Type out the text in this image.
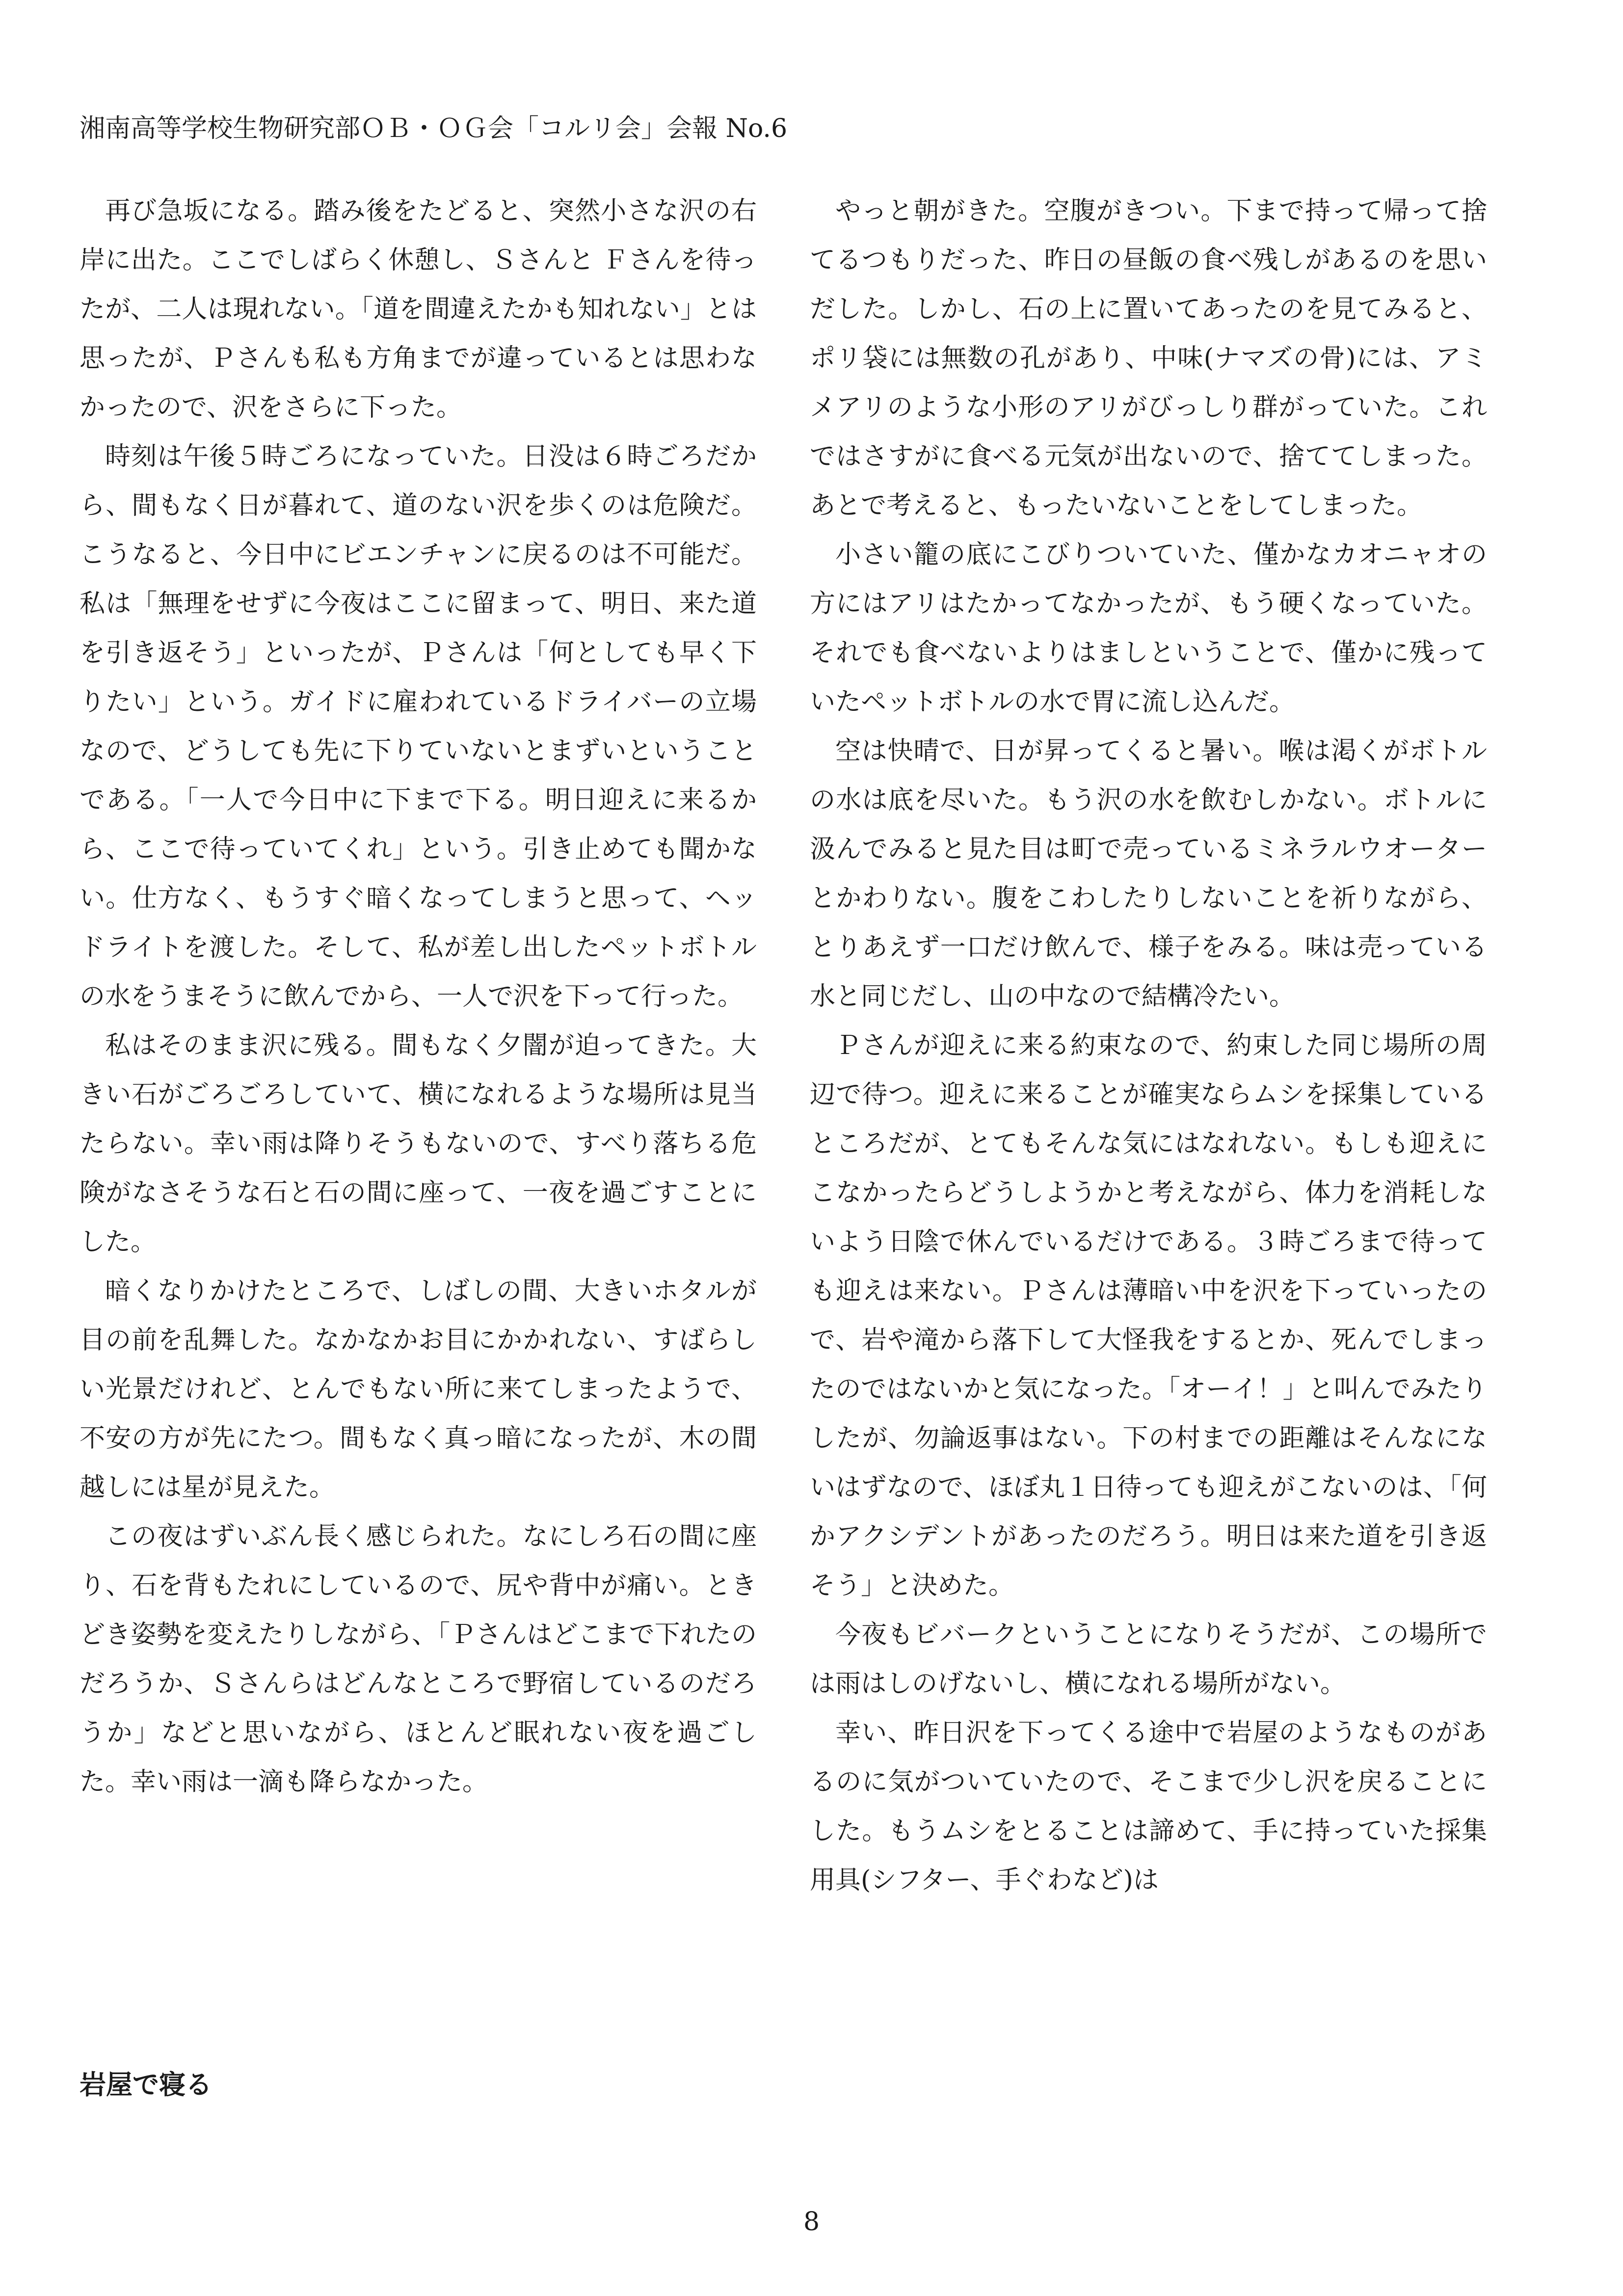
湘南高等学校生物研究部ＯＢ・ＯＧ会「コルリ会」会報 No.6

再び急坂になる。踏み後をたどると、突然小さな沢の右岸に出た。ここでしばらく休憩し、Ｓさんと Ｆさんを待ったが、二人は現れない。「道を間違えたかも知れない」とは思ったが、Ｐさんも私も方角までが違っているとは思わなかったので、沢をさらに下った。

時刻は午後５時ごろになっていた。日没は６時ごろだから、間もなく日が暮れて、道のない沢を歩くのは危険だ。こうなると、今日中にビエンチャンに戻るのは不可能だ。私は「無理をせずに今夜はここに留まって、明日、来た道を引き返そう」といったが、Ｐさんは「何としても早く下りたい」という。ガイドに雇われているドライバーの立場なので、どうしても先に下りていないとまずいということである。「一人で今日中に下まで下る。明日迎えに来るから、ここで待っていてくれ」という。引き止めても聞かない。仕方なく、もうすぐ暗くなってしまうと思って、ヘッドライトを渡した。そして、私が差し出したペットボトルの水をうまそうに飲んでから、一人で沢を下って行った。

私はそのまま沢に残る。間もなく夕闇が迫ってきた。大きい石がごろごろしていて、横になれるような場所は見当たらない。幸い雨は降りそうもないので、すべり落ちる危険がなさそうな石と石の間に座って、一夜を過ごすことにした。

暗くなりかけたところで、しばしの間、大きいホタルが目の前を乱舞した。なかなかお目にかかれない、すばらしい光景だけれど、とんでもない所に来てしまったようで、不安の方が先にたつ。間もなく真っ暗になったが、木の間越しには星が見えた。

この夜はずいぶん長く感じられた。なにしろ石の間に座り、石を背もたれにしているので、尻や背中が痛い。ときどき姿勢を変えたりしながら、「Ｐさんはどこまで下れたのだろうか、Ｓさんらはどんなところで野宿しているのだろうか」などと思いながら、ほとんど眠れない夜を過ごした。幸い雨は一滴も降らなかった。

岩屋で寝る

やっと朝がきた。空腹がきつい。下まで持って帰って捨てるつもりだった、昨日の昼飯の食べ残しがあるのを思いだした。しかし、石の上に置いてあったのを見てみると、ポリ袋には無数の孔があり、中味(ナマズの骨)には、アミメアリのような小形のアリがびっしり群がっていた。これではさすがに食べる元気が出ないので、捨ててしまった。あとで考えると、もったいないことをしてしまった。

小さい籠の底にこびりついていた、僅かなカオニャオの方にはアリはたかってなかったが、もう硬くなっていた。それでも食べないよりはましということで、僅かに残っていたペットボトルの水で胃に流し込んだ。

空は快晴で、日が昇ってくると暑い。喉は渇くがボトルの水は底を尽いた。もう沢の水を飲むしかない。ボトルに汲んでみると見た目は町で売っているミネラルウオーターとかわりない。腹をこわしたりしないことを祈りながら、とりあえず一口だけ飲んで、様子をみる。味は売っている水と同じだし、山の中なので結構冷たい。

Ｐさんが迎えに来る約束なので、約束した同じ場所の周辺で待つ。迎えに来ることが確実ならムシを採集しているところだが、とてもそんな気にはなれない。もしも迎えにこなかったらどうしようかと考えながら、体力を消耗しないよう日陰で休んでいるだけである。３時ごろまで待っても迎えは来ない。Ｐさんは薄暗い中を沢を下っていったので、岩や滝から落下して大怪我をするとか、死んでしまったのではないかと気になった。「オーイ！」と叫んでみたりしたが、勿論返事はない。下の村までの距離はそんなにないはずなので、ほぼ丸１日待っても迎えがこないのは、「何かアクシデントがあったのだろう。明日は来た道を引き返そう」と決めた。

今夜もビバークということになりそうだが、この場所では雨はしのげないし、横になれる場所がない。

幸い、昨日沢を下ってくる途中で岩屋のようなものがあるのに気がついていたので、そこまで少し沢を戻ることにした。もうムシをとることは諦めて、手に持っていた採集用具(シフター、手ぐわなど)は

8
